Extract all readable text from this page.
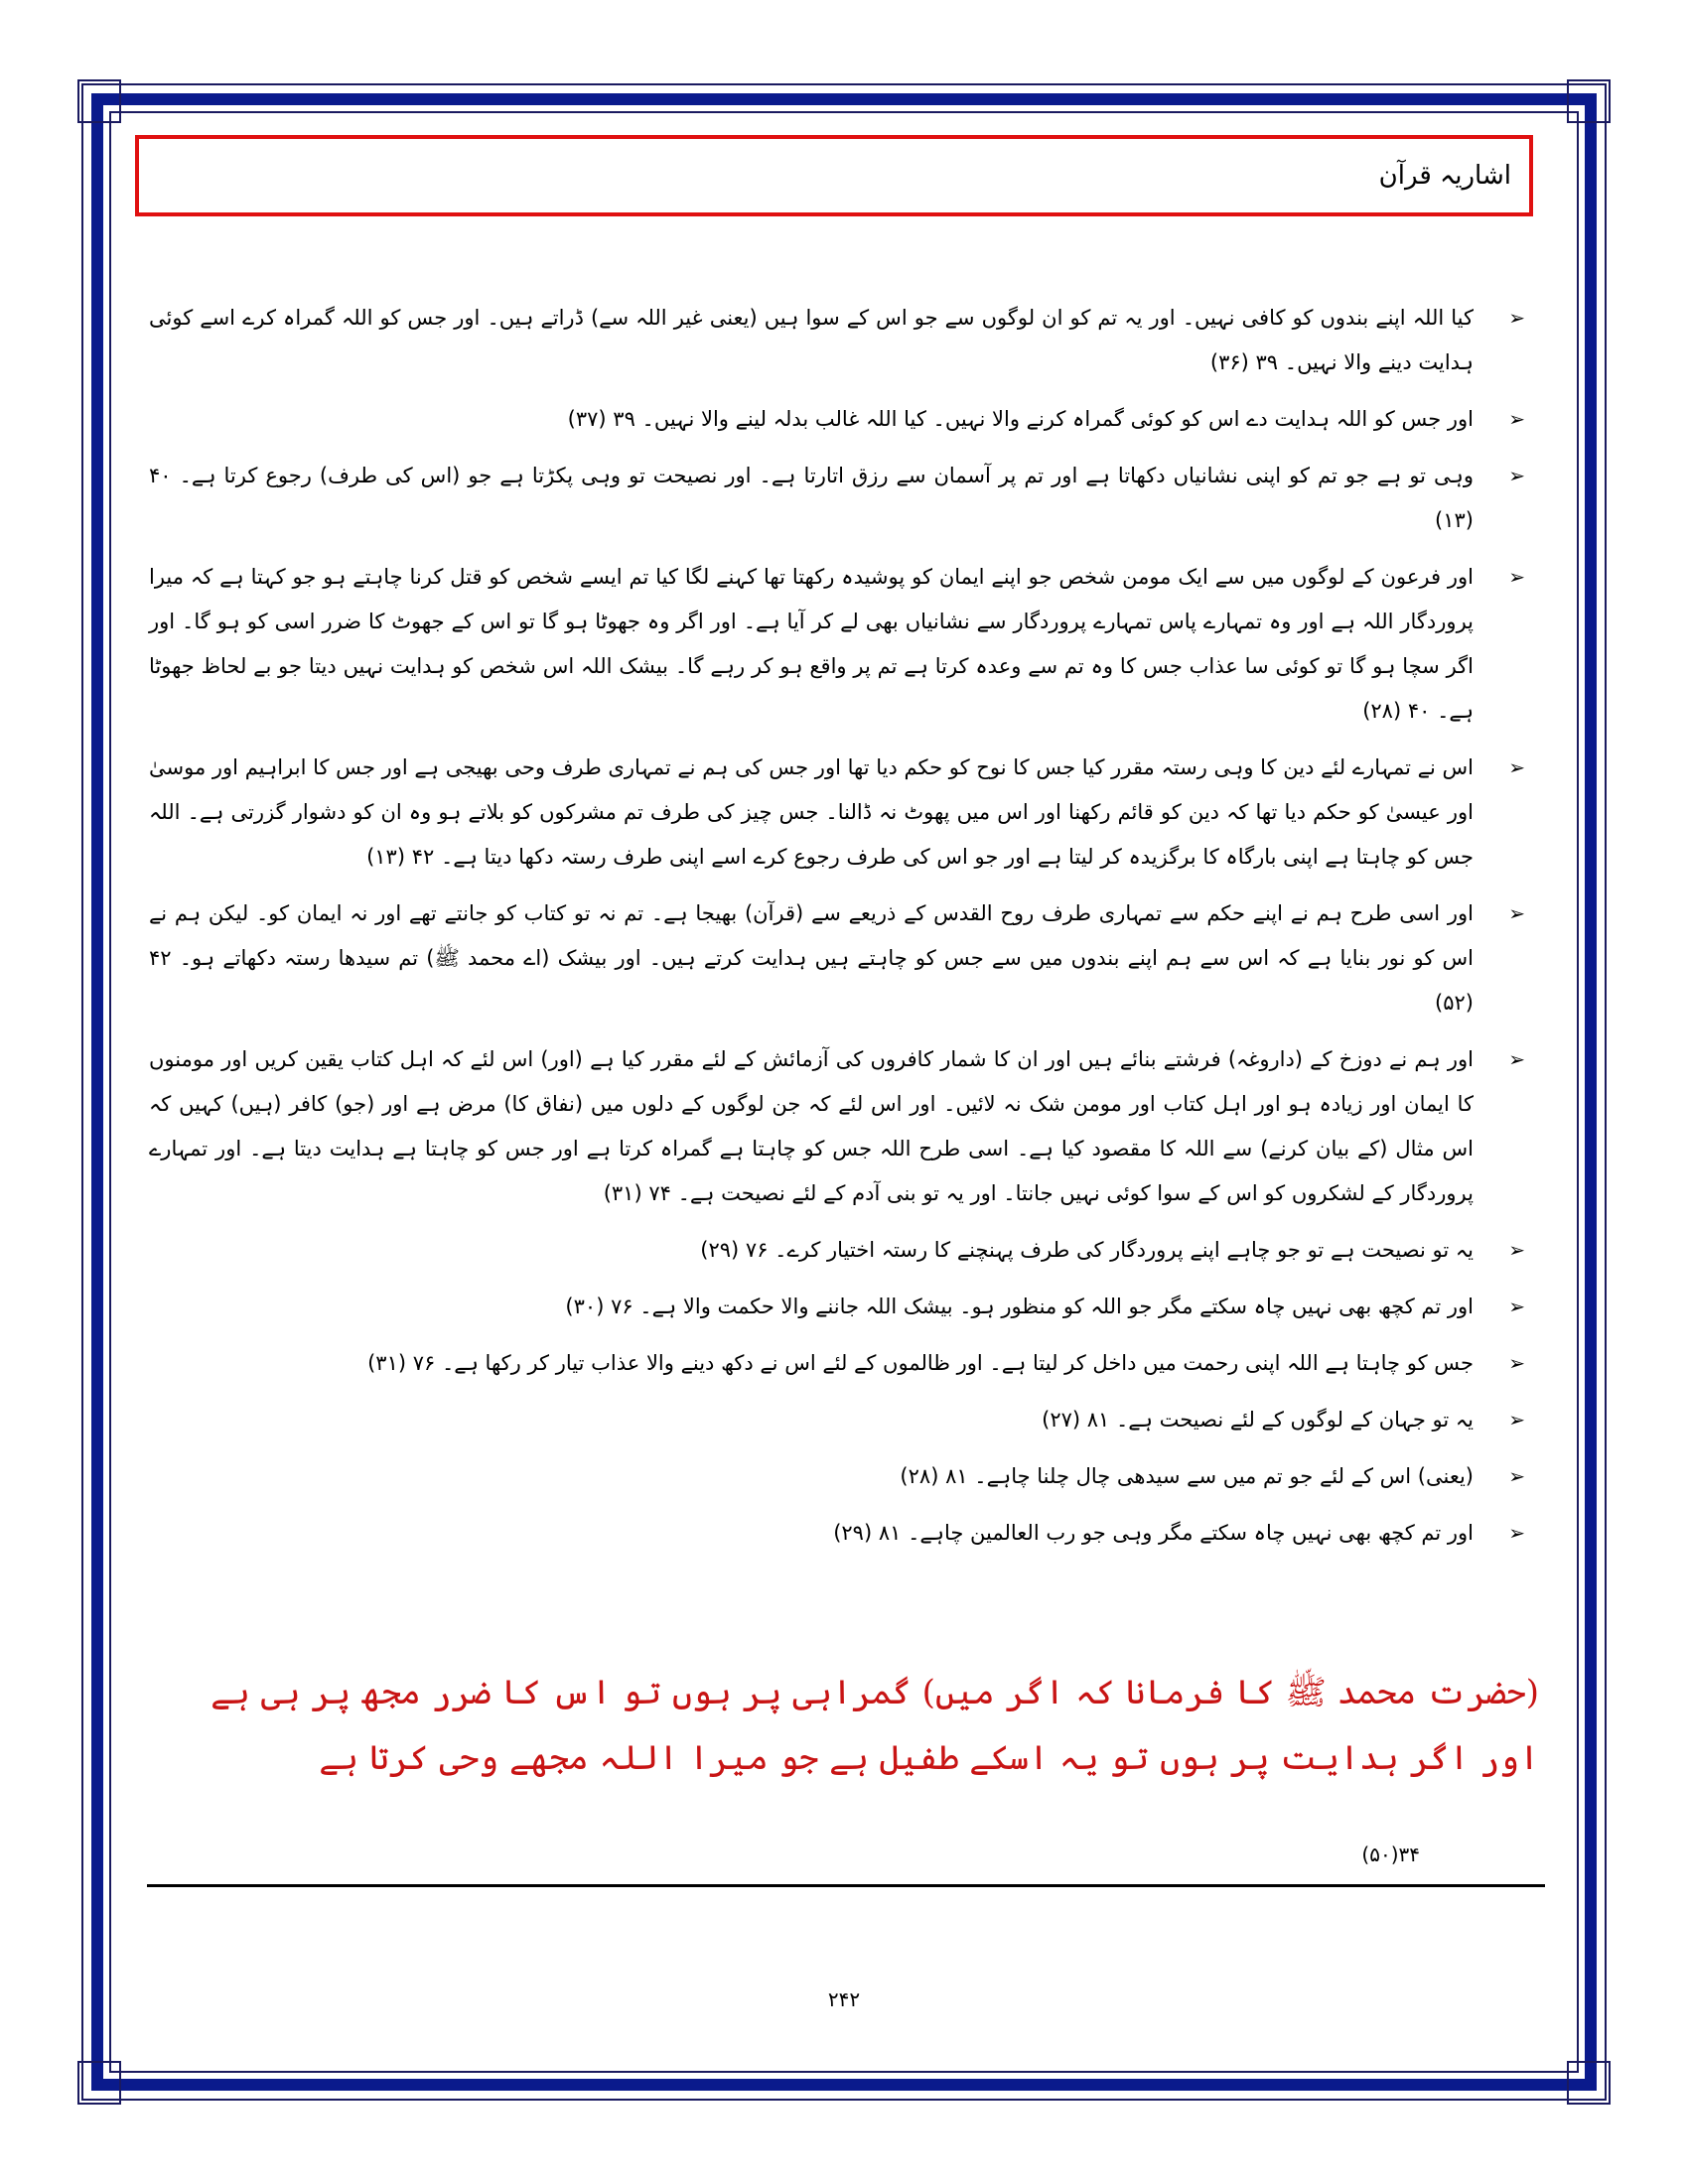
اشاریہ قرآن
➢
کیا اللہ اپنے بندوں کو کافی نہیں۔ اور یہ تم کو ان لوگوں سے جو اس کے سوا ہیں (یعنی غیر اللہ سے) ڈراتے ہیں۔ اور جس کو اللہ گمراہ کرے اسے کوئی ہدایت دینے والا نہیں۔ ۳۹ (۳۶)
➢
اور جس کو اللہ ہدایت دے اس کو کوئی گمراہ کرنے والا نہیں۔ کیا اللہ غالب بدلہ لینے والا نہیں۔ ۳۹ (۳۷)
➢
وہی تو ہے جو تم کو اپنی نشانیاں دکھاتا ہے اور تم پر آسمان سے رزق اتارتا ہے۔ اور نصیحت تو وہی پکڑتا ہے جو (اس کی طرف) رجوع کرتا ہے۔ ۴۰ (۱۳)
➢
اور فرعون کے لوگوں میں سے ایک مومن شخص جو اپنے ایمان کو پوشیدہ رکھتا تھا کہنے لگا کیا تم ایسے شخص کو قتل کرنا چاہتے ہو جو کہتا ہے کہ میرا پروردگار اللہ ہے اور وہ تمہارے پاس تمہارے پروردگار سے نشانیاں بھی لے کر آیا ہے۔ اور اگر وہ جھوٹا ہو گا تو اس کے جھوٹ کا ضرر اسی کو ہو گا۔ اور اگر سچا ہو گا تو کوئی سا عذاب جس کا وہ تم سے وعدہ کرتا ہے تم پر واقع ہو کر رہے گا۔ بیشک اللہ اس شخص کو ہدایت نہیں دیتا جو بے لحاظ جھوٹا ہے۔ ۴۰ (۲۸)
➢
اس نے تمہارے لئے دین کا وہی رستہ مقرر کیا جس کا نوح کو حکم دیا تھا اور جس کی ہم نے تمہاری طرف وحی بھیجی ہے اور جس کا ابراہیم اور موسیٰ اور عیسیٰ کو حکم دیا تھا کہ دین کو قائم رکھنا اور اس میں پھوٹ نہ ڈالنا۔ جس چیز کی طرف تم مشرکوں کو بلاتے ہو وہ ان کو دشوار گزرتی ہے۔ اللہ جس کو چاہتا ہے اپنی بارگاہ کا برگزیدہ کر لیتا ہے اور جو اس کی طرف رجوع کرے اسے اپنی طرف رستہ دکھا دیتا ہے۔ ۴۲ (۱۳)
➢
اور اسی طرح ہم نے اپنے حکم سے تمہاری طرف روح القدس کے ذریعے سے (قرآن) بھیجا ہے۔ تم نہ تو کتاب کو جانتے تھے اور نہ ایمان کو۔ لیکن ہم نے اس کو نور بنایا ہے کہ اس سے ہم اپنے بندوں میں سے جس کو چاہتے ہیں ہدایت کرتے ہیں۔ اور بیشک (اے محمد ﷺ) تم سیدھا رستہ دکھاتے ہو۔ ۴۲ (۵۲)
➢
اور ہم نے دوزخ کے (داروغہ) فرشتے بنائے ہیں اور ان کا شمار کافروں کی آزمائش کے لئے مقرر کیا ہے (اور) اس لئے کہ اہل کتاب یقین کریں اور مومنوں کا ایمان اور زیادہ ہو اور اہل کتاب اور مومن شک نہ لائیں۔ اور اس لئے کہ جن لوگوں کے دلوں میں (نفاق کا) مرض ہے اور (جو) کافر (ہیں) کہیں کہ اس مثال (کے بیان کرنے) سے اللہ کا مقصود کیا ہے۔ اسی طرح اللہ جس کو چاہتا ہے گمراہ کرتا ہے اور جس کو چاہتا ہے ہدایت دیتا ہے۔ اور تمہارے پروردگار کے لشکروں کو اس کے سوا کوئی نہیں جانتا۔ اور یہ تو بنی آدم کے لئے نصیحت ہے۔ ۷۴ (۳۱)
➢
یہ تو نصیحت ہے تو جو چاہے اپنے پروردگار کی طرف پہنچنے کا رستہ اختیار کرے۔ ۷۶ (۲۹)
➢
اور تم کچھ بھی نہیں چاہ سکتے مگر جو اللہ کو منظور ہو۔ بیشک اللہ جاننے والا حکمت والا ہے۔ ۷۶ (۳۰)
➢
جس کو چاہتا ہے اللہ اپنی رحمت میں داخل کر لیتا ہے۔ اور ظالموں کے لئے اس نے دکھ دینے والا عذاب تیار کر رکھا ہے۔ ۷۶ (۳۱)
➢
یہ تو جہان کے لوگوں کے لئے نصیحت ہے۔ ۸۱ (۲۷)
➢
(یعنی) اس کے لئے جو تم میں سے سیدھی چال چلنا چاہے۔ ۸۱ (۲۸)
➢
اور تم کچھ بھی نہیں چاہ سکتے مگر وہی جو رب العالمین چاہے۔ ۸۱ (۲۹)
(حضرت محمد ﷺ کا فرمانا کہ اگر میں) گمراہی پر ہوں تو اس کا ضرر مجھ پر ہی ہے اور اگر ہدایت پر ہوں تو یہ اسکے طفیل ہے جو میرا اللہ مجھے وحی کرتا ہے
۳۴(۵۰)
۲۴۲
